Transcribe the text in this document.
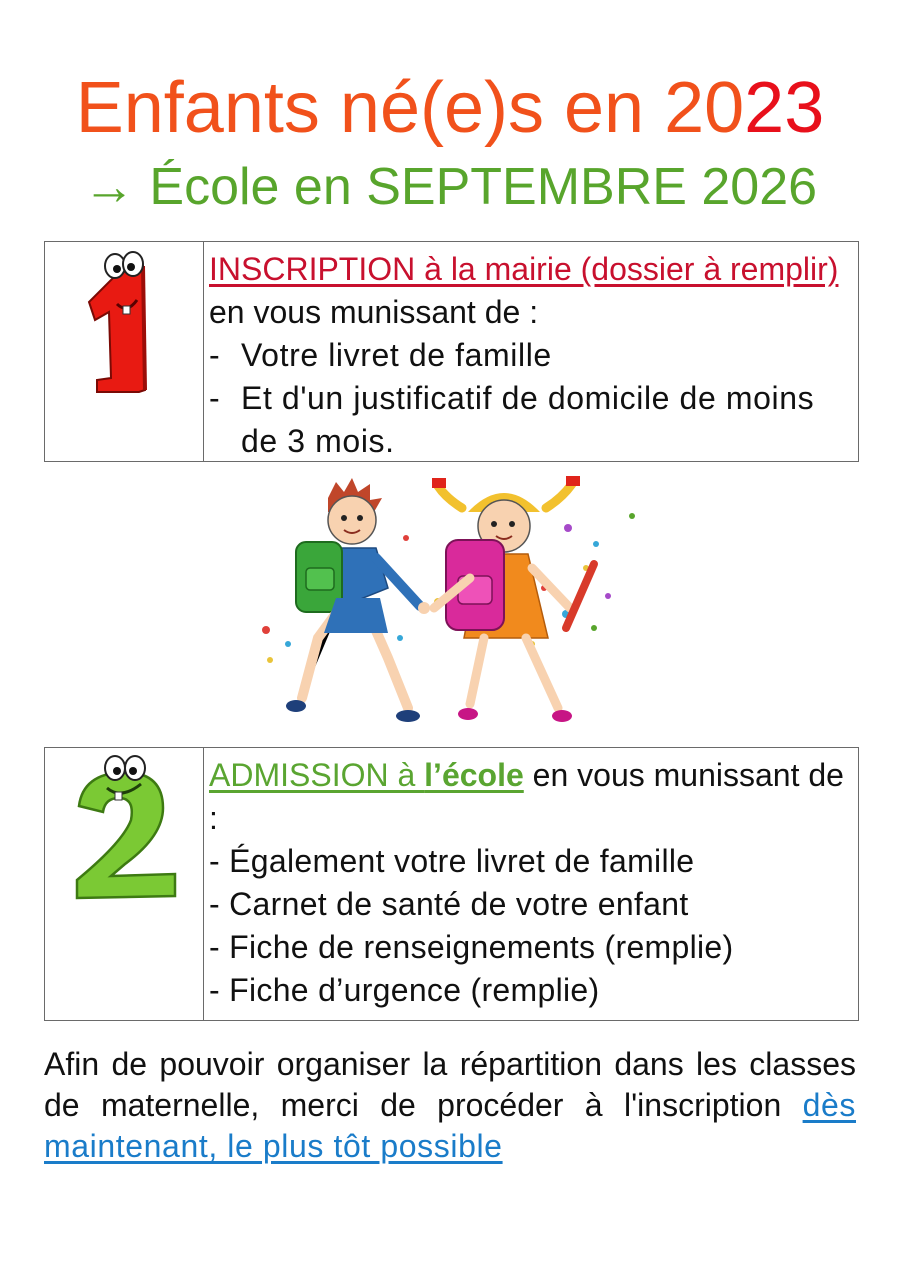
Enfants né(e)s en 2023
→ École en SEPTEMBRE 2026
INSCRIPTION à la mairie (dossier à remplir) en vous munissant de :
- Votre livret de famille
- Et d'un justificatif de domicile de moins de 3 mois.
ADMISSION à l’école en vous munissant de :
- Également votre livret de famille
- Carnet de santé de votre enfant
- Fiche de renseignements (remplie)
- Fiche d’urgence (remplie)
Afin de pouvoir organiser la répartition dans les classes de maternelle, merci de procéder à l'inscription dès maintenant, le plus tôt possible
